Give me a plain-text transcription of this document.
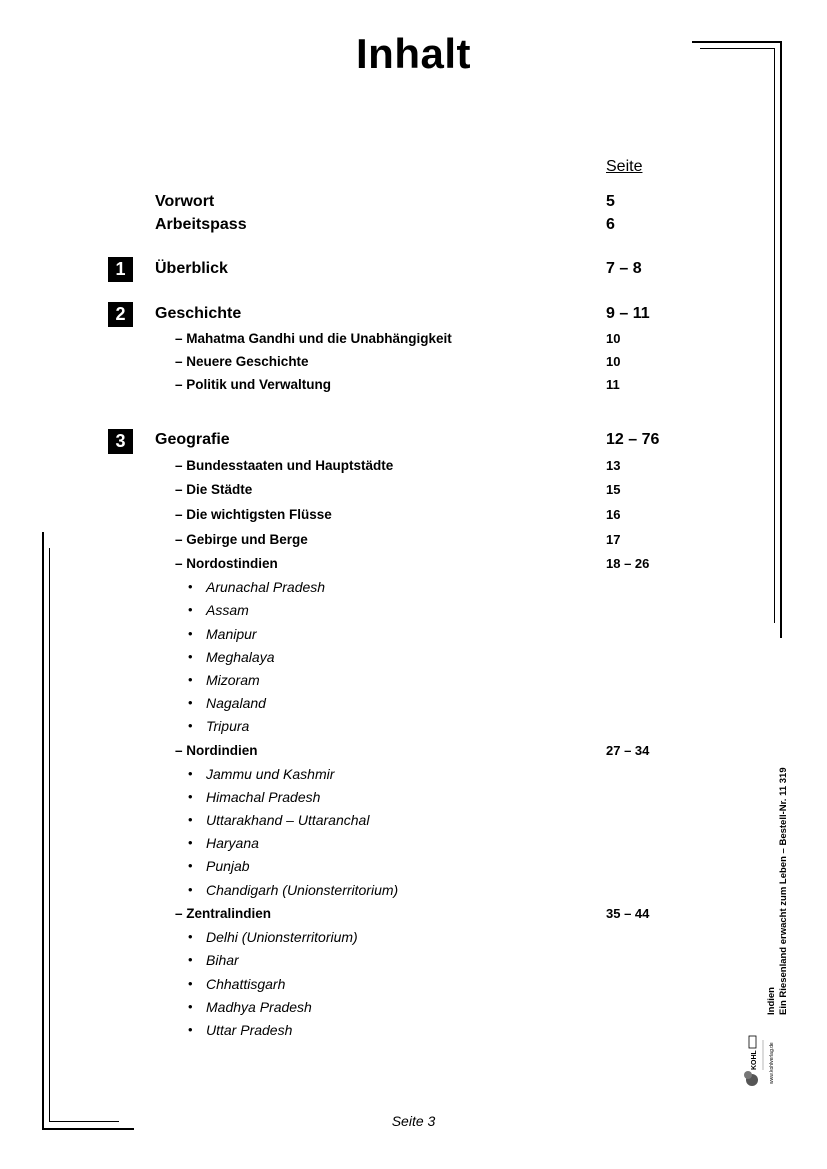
Inhalt
Seite
Vorwort	5
Arbeitspass	6
1	Überblick	7 – 8
2	Geschichte	9 – 11
– Mahatma Gandhi und die Unabhängigkeit	10
– Neuere Geschichte	10
– Politik und Verwaltung	11
3	Geografie	12 – 76
– Bundesstaaten und Hauptstädte	13
– Die Städte	15
– Die wichtigsten Flüsse	16
– Gebirge und Berge	17
– Nordostindien	18 – 26
• Arunachal Pradesh
• Assam
• Manipur
• Meghalaya
• Mizoram
• Nagaland
• Tripura
– Nordindien	27 – 34
• Jammu und Kashmir
• Himachal Pradesh
• Uttarakhand – Uttaranchal
• Haryana
• Punjab
• Chandigarh (Unionsterritorium)
– Zentralindien	35 – 44
• Delhi (Unionsterritorium)
• Bihar
• Chhattisgarh
• Madhya Pradesh
• Uttar Pradesh
Indien Ein Riesenland erwacht zum Leben – Bestell-Nr. 11 319
KOHL www.kohlverlag.de
Seite 3
